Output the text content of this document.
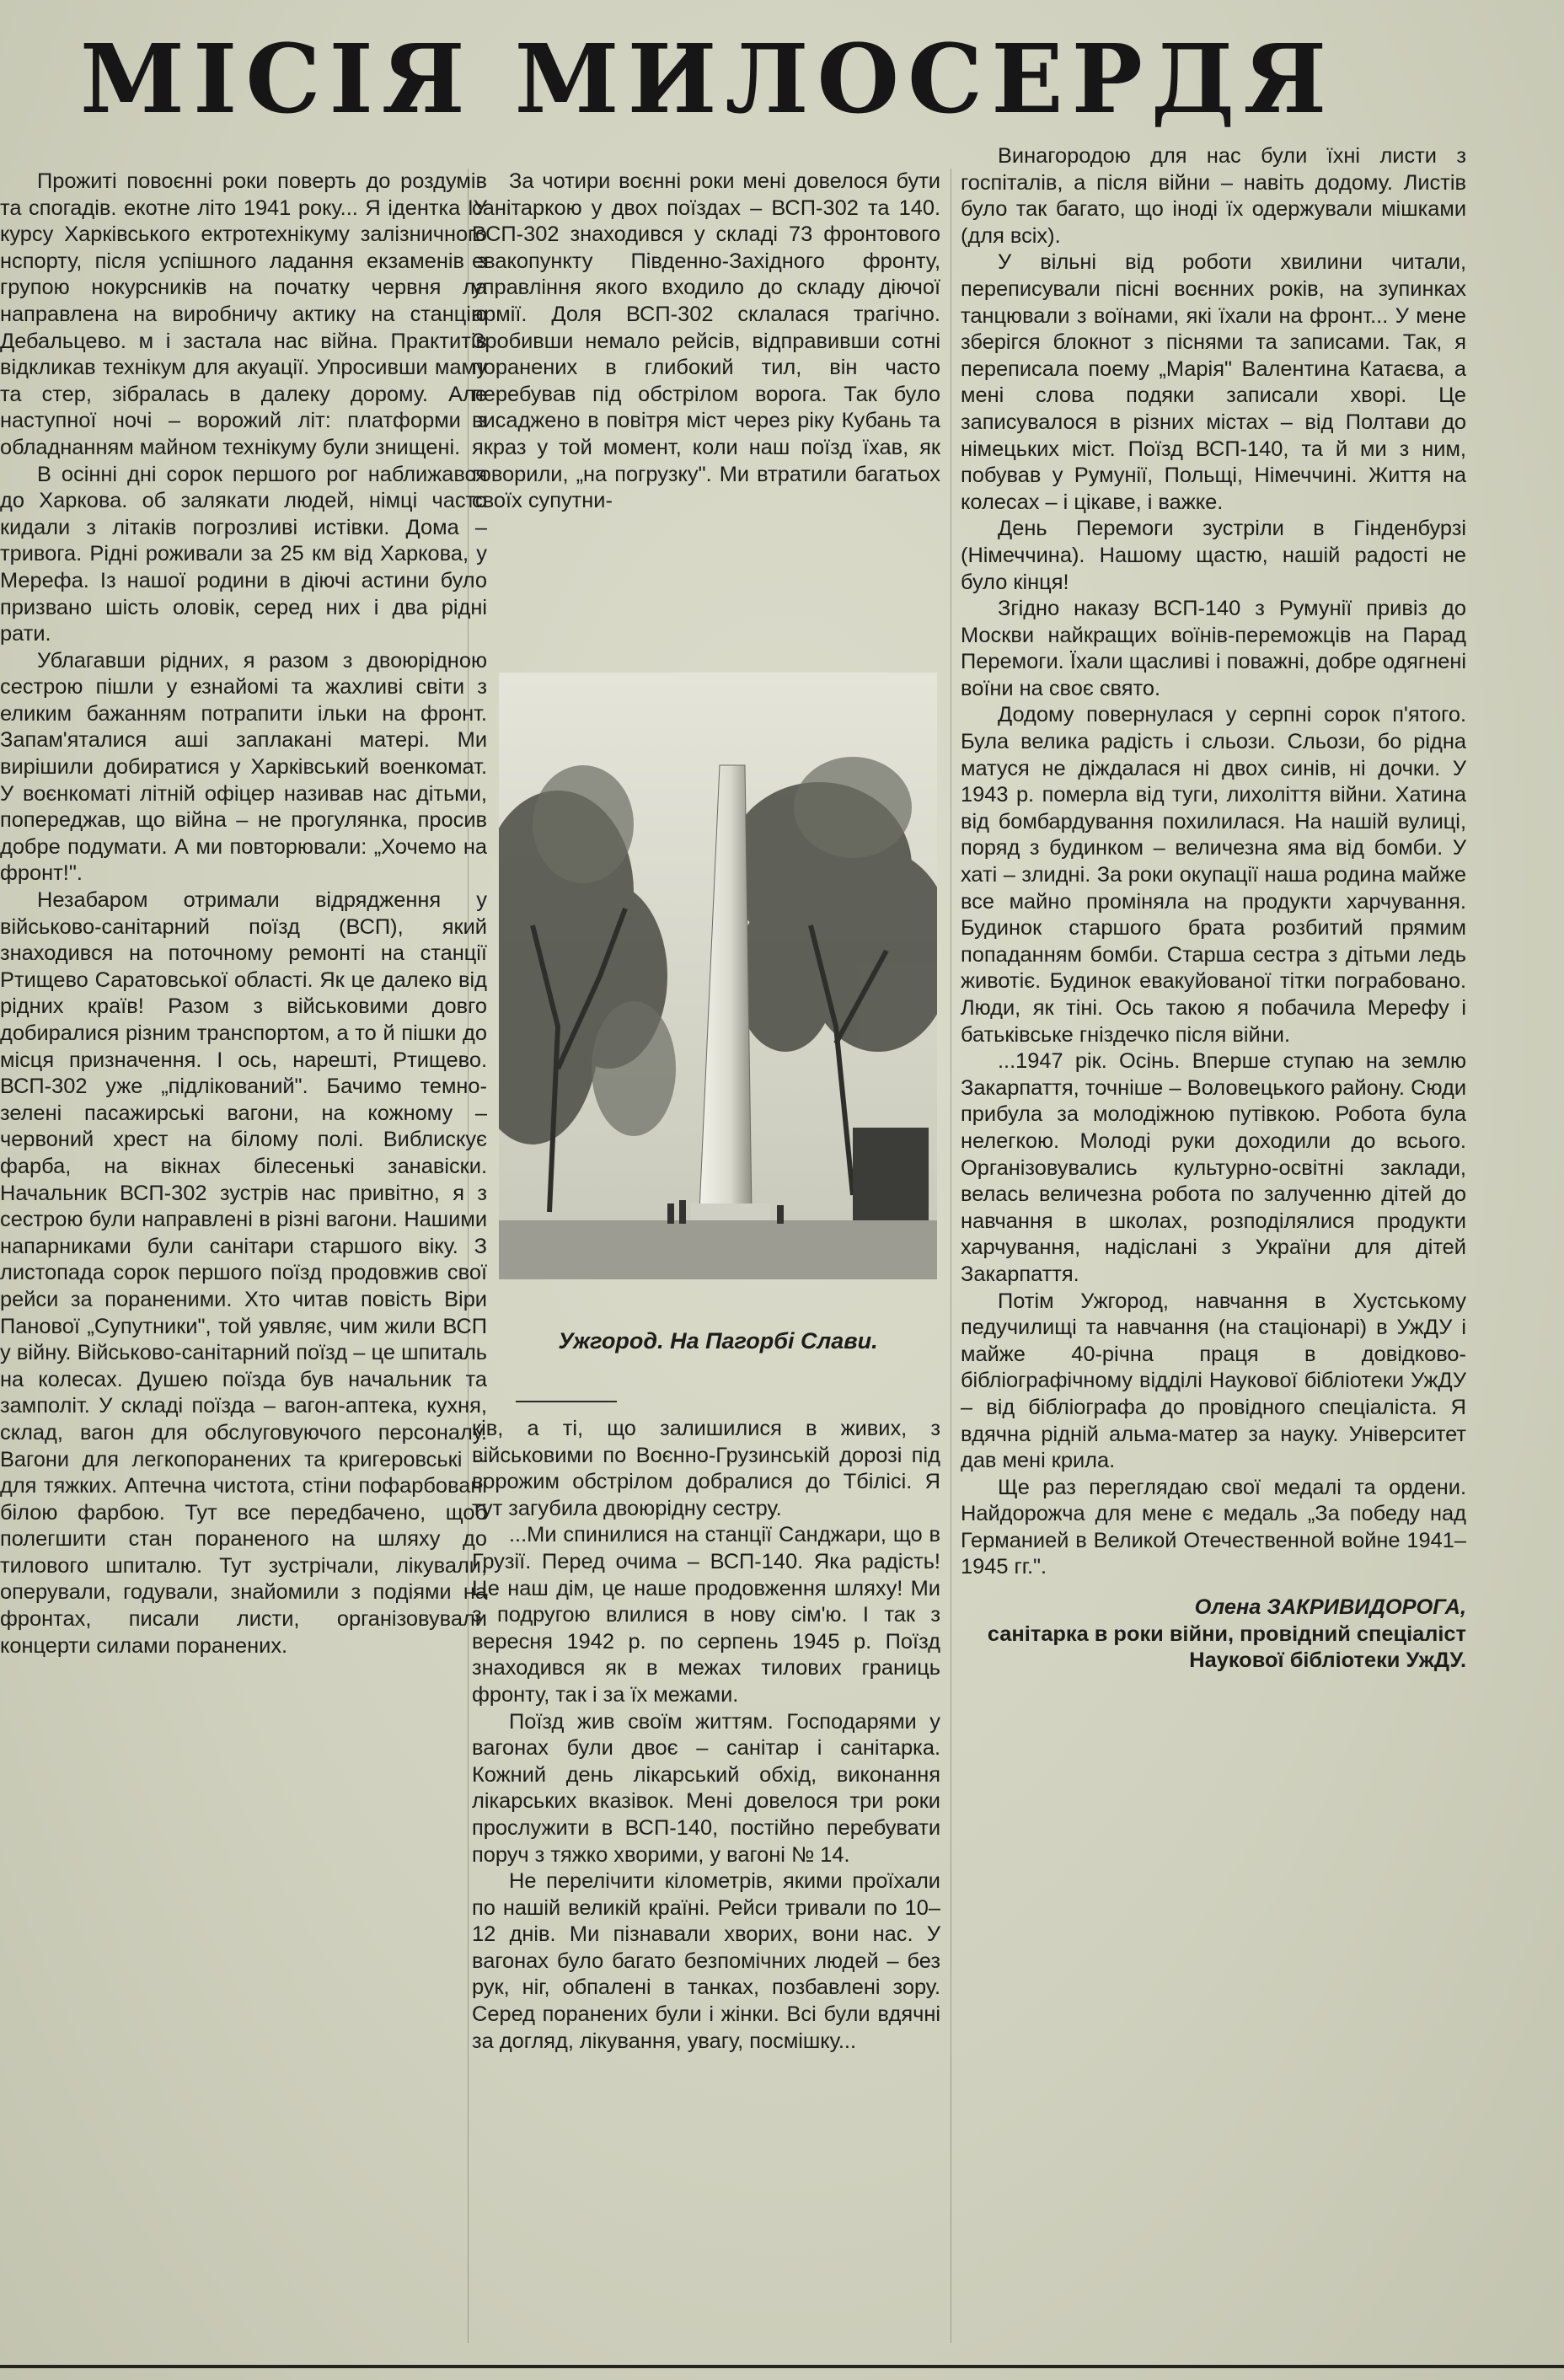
МІСІЯ МИЛОСЕРДЯ

Прожиті повоєнні роки поверть до роздумів та спогадів. екотне літо 1941 року... Я ідентка ІУ курсу Харківського ектротехнікуму залізничного нспорту, після успішного ладання екзаменів з групою нокурсників на початку червня ла направлена на виробничу актику на станцію Дебальцево. м і застала нас війна. Практитів відкликав технікум для акуації. Упросивши маму та стер, зібралась в далеку дорому. Але наступної ночі – ворожий літ: платформи з обладнанням майном технікуму були знищені.

В осінні дні сорок першого рог наближався до Харкова. об залякати людей, німці часто кидали з літаків погрозливі истівки. Дома – тривога. Рідні роживали за 25 км від Харкова, у Мерефа. Із нашої родини в діючі астини було призвано шість оловік, серед них і два рідні рати.

Ублагавши рідних, я разом з двоюрідною сестрою пішли у езнайомі та жахливі світи з еликим бажанням потрапити ільки на фронт. Запам'яталися аші заплакані матері. Ми вирішили добиратися у Харківський военкомат. У воєнкоматі літній офіцер називав нас дітьми, попереджав, що війна – не прогулянка, просив добре подумати. А ми повторювали: „Хочемо на фронт!".

Незабаром отримали відрядження у військово-санітарний поїзд (ВСП), який знаходився на поточному ремонті на станції Ртищево Саратовської області. Як це далеко від рідних країв! Разом з військовими довго добиралися різним транспортом, а то й пішки до місця призначення. І ось, нарешті, Ртищево. ВСП-302 уже „підлікований". Бачимо темно-зелені пасажирські вагони, на кожному – червоний хрест на білому полі. Виблискує фарба, на вікнах білесенькі занавіски. Начальник ВСП-302 зустрів нас привітно, я з сестрою були направлені в різні вагони. Нашими напарниками були санітари старшого віку. З листопада сорок першого поїзд продовжив свої рейси за пораненими. Хто читав повість Віри Панової „Супутники", той уявляє, чим жили ВСП у війну. Військово-санітарний поїзд – це шпиталь на колесах. Душею поїзда був начальник та замполіт. У складі поїзда – вагон-аптека, кухня, склад, вагон для обслуговуючого персоналу. Вагони для легкопоранених та кригеровські – для тяжких. Аптечна чистота, стіни пофарбовані білою фарбою. Тут все передбачено, щоб полегшити стан пораненого на шляху до тилового шпиталю. Тут зустрічали, лікували, оперували, годували, знайомили з подіями на фронтах, писали листи, організовували концерти силами поранених.

За чотири воєнні роки мені довелося бути санітаркою у двох поїздах – ВСП-302 та 140. ВСП-302 знаходився у складі 73 фронтового евакопункту Південно-Західного фронту, управління якого входило до складу діючої армії. Доля ВСП-302 склалася трагічно. Зробивши немало рейсів, відправивши сотні поранених в глибокий тил, він часто перебував під обстрілом ворога. Так було висаджено в повітря міст через ріку Кубань та якраз у той момент, коли наш поїзд їхав, як говорили, „на погрузку". Ми втратили багатьох своїх супутни-

Ужгород. На Пагорбі Слави.

ків, а ті, що залишилися в живих, з військовими по Воєнно-Грузинській дорозі під ворожим обстрілом добралися до Тбілісі. Я тут загубила двоюрідну сестру.

...Ми спинилися на станції Санджари, що в Грузії. Перед очима – ВСП-140. Яка радість! Це наш дім, це наше продовження шляху! Ми з подругою влилися в нову сім'ю. І так з вересня 1942 р. по серпень 1945 р. Поїзд знаходився як в межах тилових границь фронту, так і за їх межами.

Поїзд жив своїм життям. Господарями у вагонах були двоє – санітар і санітарка. Кожний день лікарський обхід, виконання лікарських вказівок. Мені довелося три роки прослужити в ВСП-140, постійно перебувати поруч з тяжко хворими, у вагоні № 14.

Не перелічити кілометрів, якими проїхали по нашій великій країні. Рейси тривали по 10–12 днів. Ми пізнавали хворих, вони нас. У вагонах було багато безпомічних людей – без рук, ніг, обпалені в танках, позбавлені зору. Серед поранених були і жінки. Всі були вдячні за догляд, лікування, увагу, посмішку...

Винагородою для нас були їхні листи з госпіталів, а після війни – навіть додому. Листів було так багато, що іноді їх одержували мішками (для всіх).

У вільні від роботи хвилини читали, переписували пісні воєнних років, на зупинках танцювали з воїнами, які їхали на фронт... У мене зберігся блокнот з піснями та записами. Так, я переписала поему „Марія" Валентина Катаєва, а мені слова подяки записали хворі. Це записувалося в різних містах – від Полтави до німецьких міст. Поїзд ВСП-140, та й ми з ним, побував у Румунії, Польщі, Німеччині. Життя на колесах – і цікаве, і важке.

День Перемоги зустріли в Гінденбурзі (Німеччина). Нашому щастю, нашій радості не було кінця!

Згідно наказу ВСП-140 з Румунії привіз до Москви найкращих воїнів-переможців на Парад Перемоги. Їхали щасливі і поважні, добре одягнені воїни на своє свято.

Додому повернулася у серпні сорок п'ятого. Була велика радість і сльози. Сльози, бо рідна матуся не діждалася ні двох синів, ні дочки. У 1943 р. померла від туги, лихоліття війни. Хатина від бомбардування похилилася. На нашій вулиці, поряд з будинком – величезна яма від бомби. У хаті – злидні. За роки окупації наша родина майже все майно проміняла на продукти харчування. Будинок старшого брата розбитий прямим попаданням бомби. Старша сестра з дітьми ледь животіє. Будинок евакуйованої тітки пограбовано. Люди, як тіні. Ось такою я побачила Мерефу і батьківське гніздечко після війни.

...1947 рік. Осінь. Вперше ступаю на землю Закарпаття, точніше – Воловецького району. Сюди прибула за молодіжною путівкою. Робота була нелегкою. Молоді руки доходили до всього. Організовувались культурно-освітні заклади, велась величезна робота по залученню дітей до навчання в школах, розподілялися продукти харчування, надіслані з України для дітей Закарпаття.

Потім Ужгород, навчання в Хустському педучилищі та навчання (на стаціонарі) в УжДУ і майже 40-річна праця в довідково-бібліографічному відділі Наукової бібліотеки УжДУ – від бібліографа до провідного спеціаліста. Я вдячна рідній альма-матер за науку. Університет дав мені крила.

Ще раз переглядаю свої медалі та ордени. Найдорожча для мене є медаль „За победу над Германией в Великой Отечественной войне 1941–1945 гг.".

Олена ЗАКРИВИДОРОГА,
санітарка в роки війни, провідний спеціаліст Наукової бібліотеки УжДУ.
